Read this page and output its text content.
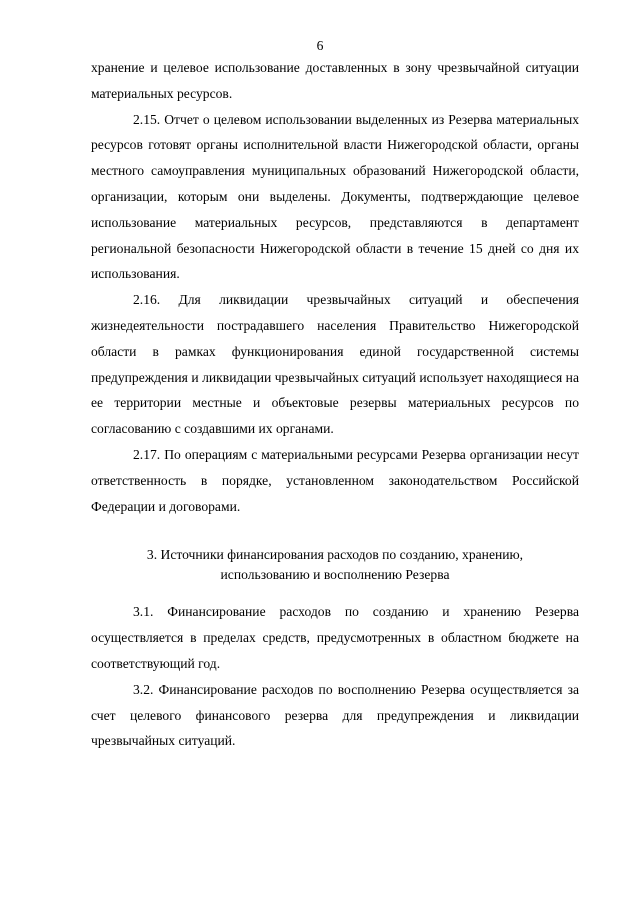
6

хранение и целевое использование доставленных в зону чрезвычайной ситуации материальных ресурсов.

2.15. Отчет о целевом использовании выделенных из Резерва материальных ресурсов готовят органы исполнительной власти Нижегородской области, органы местного самоуправления муниципальных образований Нижегородской области, организации, которым они выделены. Документы, подтверждающие целевое использование материальных ресурсов, представляются в департамент региональной безопасности Нижегородской области в течение 15 дней со дня их использования.

2.16. Для ликвидации чрезвычайных ситуаций и обеспечения жизнедеятельности пострадавшего населения Правительство Нижегородской области в рамках функционирования единой государственной системы предупреждения и ликвидации чрезвычайных ситуаций использует находящиеся на ее территории местные и объектовые резервы материальных ресурсов по согласованию с создавшими их органами.

2.17. По операциям с материальными ресурсами Резерва организации несут ответственность в порядке, установленном законодательством Российской Федерации и договорами.

3. Источники финансирования расходов по созданию, хранению,
использованию и восполнению Резерва

3.1. Финансирование расходов по созданию и хранению Резерва осуществляется в пределах средств, предусмотренных в областном бюджете на соответствующий год.

3.2. Финансирование расходов по восполнению Резерва осуществляется за счет целевого финансового резерва для предупреждения и ликвидации чрезвычайных ситуаций.
